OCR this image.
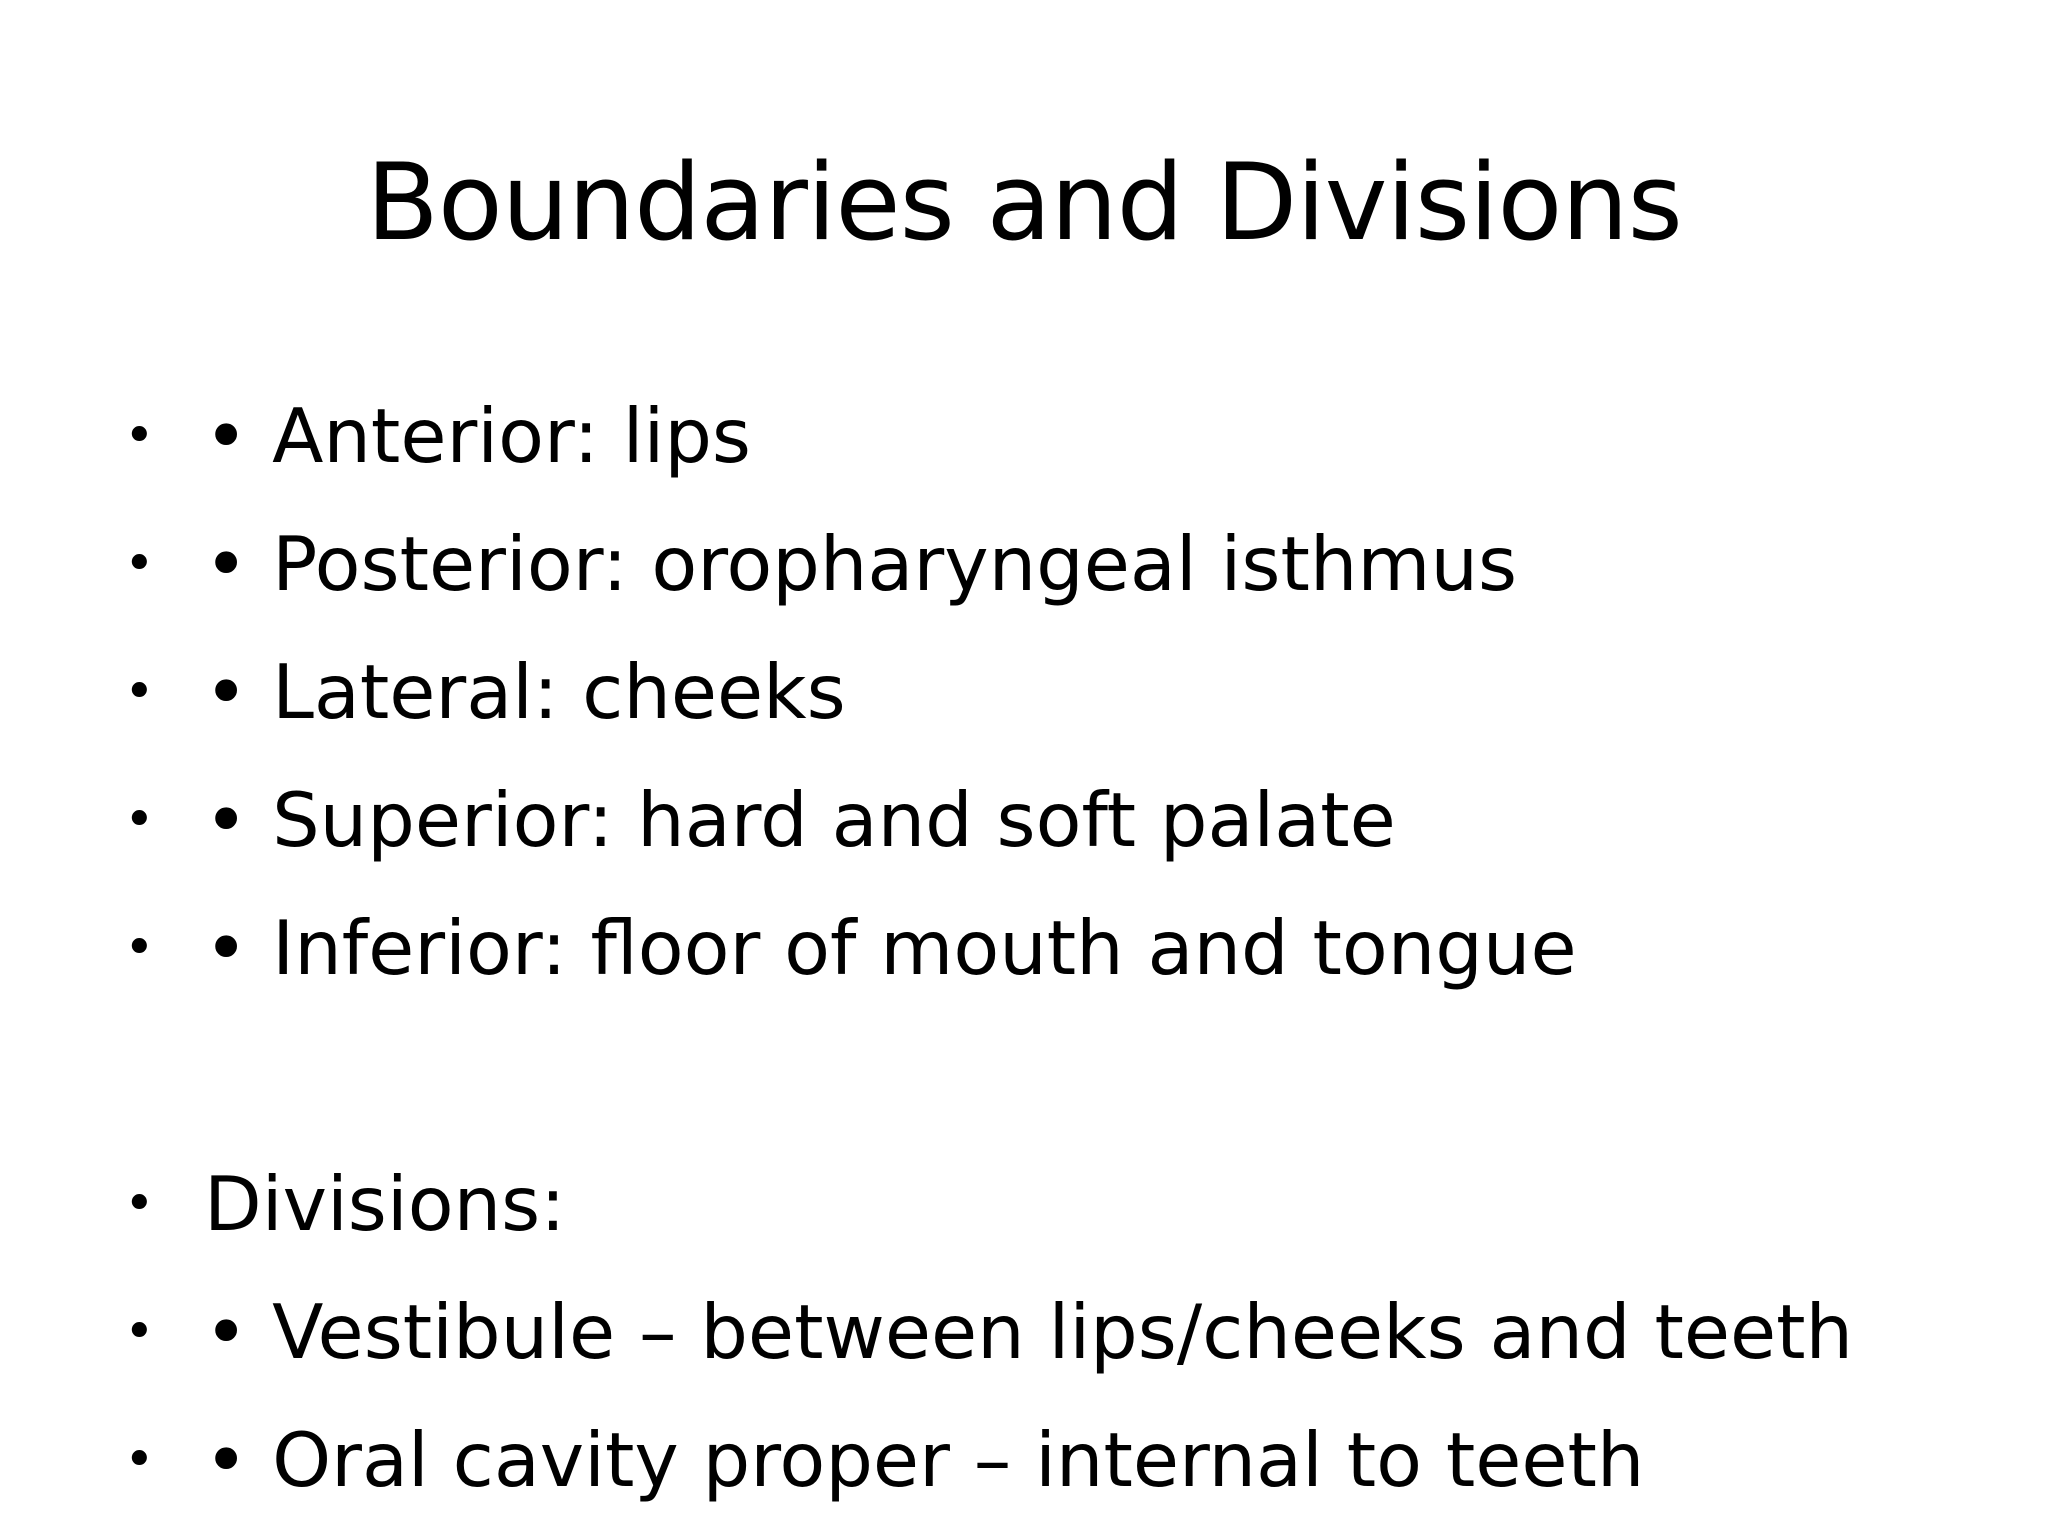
Boundaries and Divisions
• • Anterior: lips
• • Posterior: oropharyngeal isthmus
• • Lateral: cheeks
• • Superior: hard and soft palate
• • Inferior: floor of mouth and tongue
• Divisions:
• • Vestibule – between lips/cheeks and teeth
• • Oral cavity proper – internal to teeth
